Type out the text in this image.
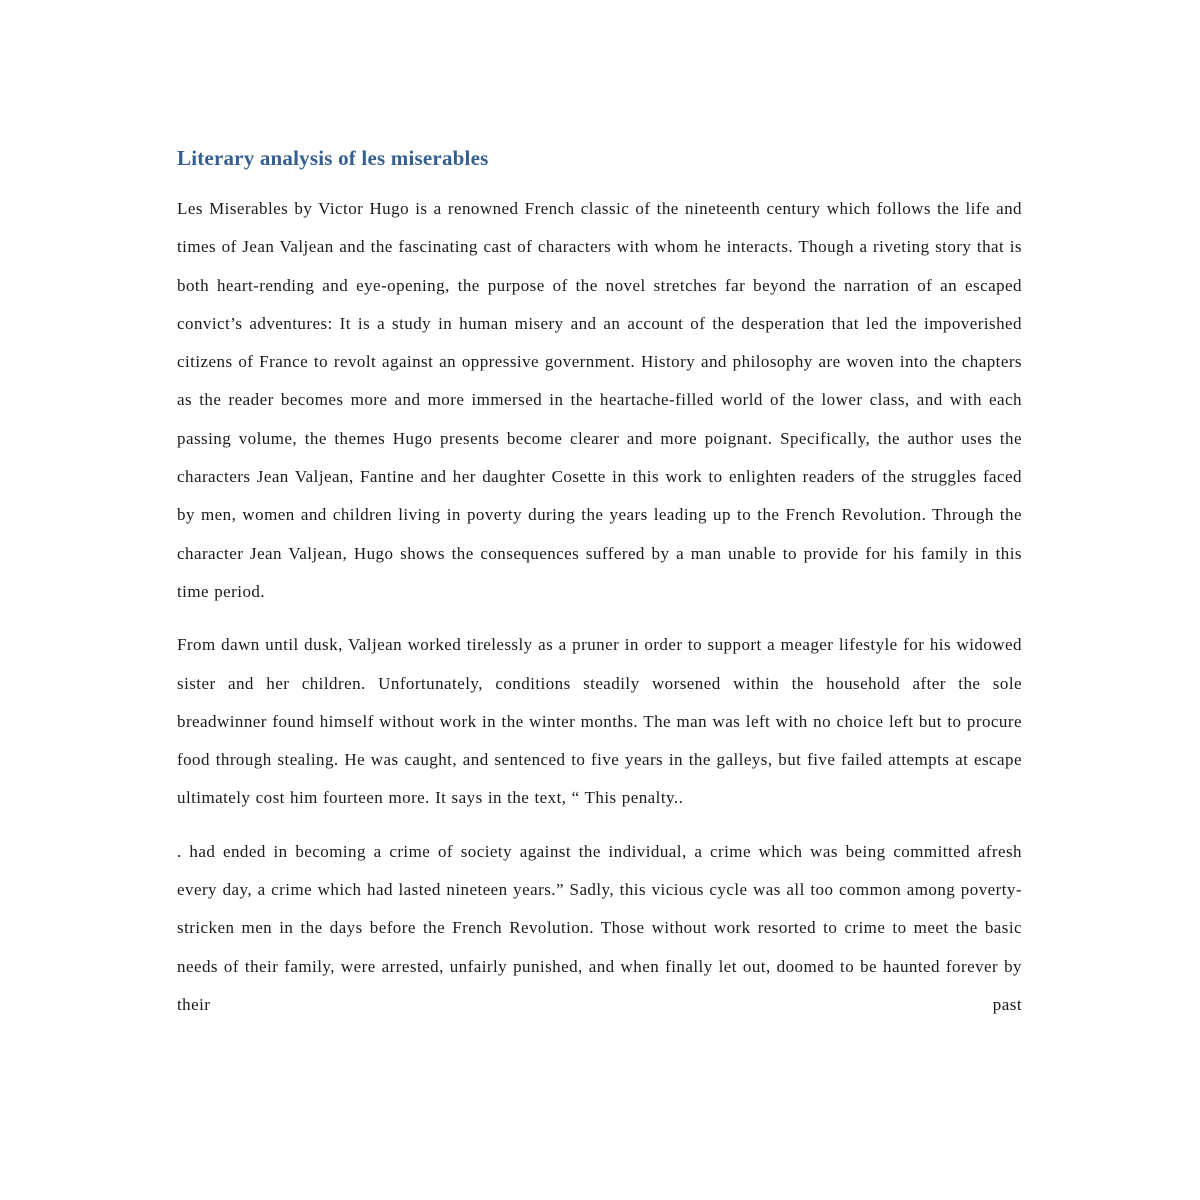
Literary analysis of les miserables

Les Miserables by Victor Hugo is a renowned French classic of the nineteenth century which follows the life and times of Jean Valjean and the fascinating cast of characters with whom he interacts. Though a riveting story that is both heart-rending and eye-opening, the purpose of the novel stretches far beyond the narration of an escaped convict’s adventures: It is a study in human misery and an account of the desperation that led the impoverished citizens of France to revolt against an oppressive government. History and philosophy are woven into the chapters as the reader becomes more and more immersed in the heartache-filled world of the lower class, and with each passing volume, the themes Hugo presents become clearer and more poignant. Specifically, the author uses the characters Jean Valjean, Fantine and her daughter Cosette in this work to enlighten readers of the struggles faced by men, women and children living in poverty during the years leading up to the French Revolution. Through the character Jean Valjean, Hugo shows the consequences suffered by a man unable to provide for his family in this time period.

From dawn until dusk, Valjean worked tirelessly as a pruner in order to support a meager lifestyle for his widowed sister and her children. Unfortunately, conditions steadily worsened within the household after the sole breadwinner found himself without work in the winter months. The man was left with no choice left but to procure food through stealing. He was caught, and sentenced to five years in the galleys, but five failed attempts at escape ultimately cost him fourteen more. It says in the text, “ This penalty..

. had ended in becoming a crime of society against the individual, a crime which was being committed afresh every day, a crime which had lasted nineteen years.” Sadly, this vicious cycle was all too common among poverty-stricken men in the days before the French Revolution. Those without work resorted to crime to meet the basic needs of their family, were arrested, unfairly punished, and when finally let out, doomed to be haunted forever by their past
